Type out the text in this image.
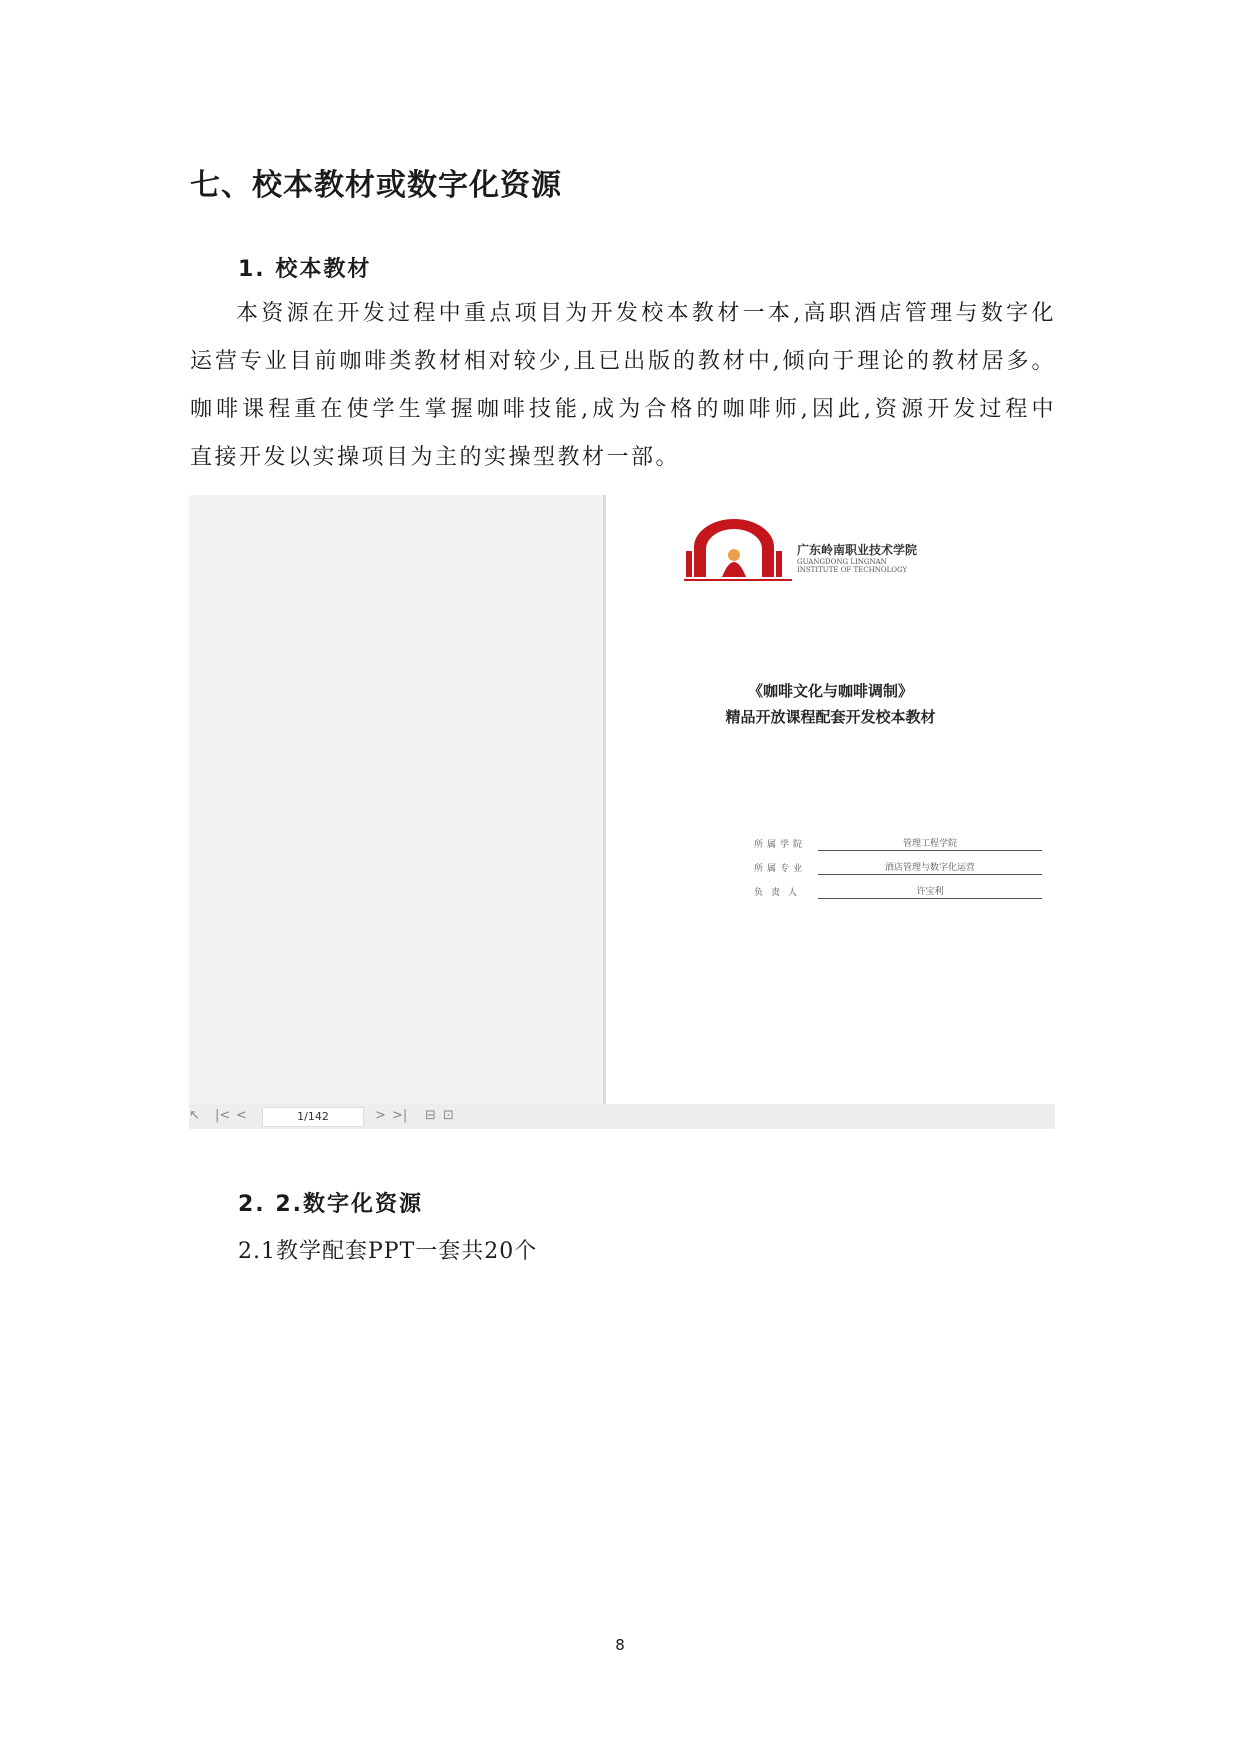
七、校本教材或数字化资源
1. 校本教材
本资源在开发过程中重点项目为开发校本教材一本,高职酒店管理与数字化
运营专业目前咖啡类教材相对较少,且已出版的教材中,倾向于理论的教材居多。
咖啡课程重在使学生掌握咖啡技能,成为合格的咖啡师,因此,资源开发过程中
直接开发以实操项目为主的实操型教材一部。
广东岭南职业技术学院
GUANGDONG LINGNAN
INSTITUTE OF TECHNOLOGY
《咖啡文化与咖啡调制》
精品开放课程配套开发校本教材
所属学院	管理工程学院
所属专业	酒店管理与数字化运营
负责人	许宝利
↖ |< <	1/142	> >| ⊟ ⊡
2. 2.数字化资源
2.1教学配套PPT一套共20个
8
